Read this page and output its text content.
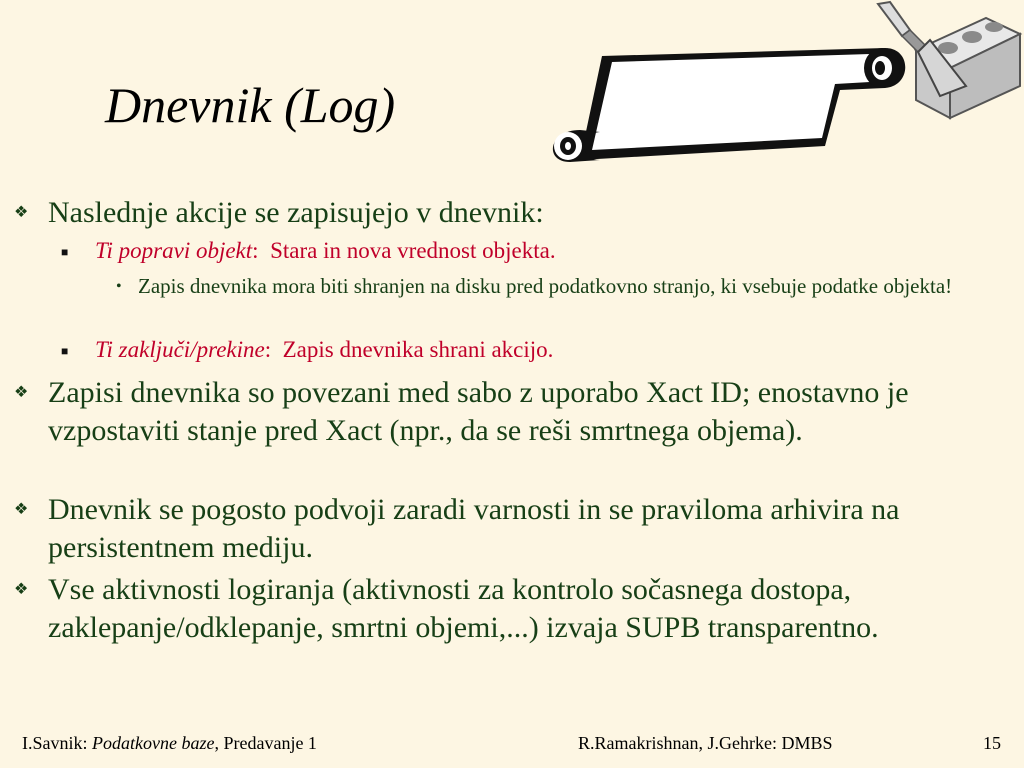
Dnevnik (Log)
❖ Naslednje akcije se zapisujejo v dnevnik:
■ Ti popravi objekt: Stara in nova vrednost objekta.
• Zapis dnevnika mora biti shranjen na disku pred podatkovno stranjo, ki vsebuje podatke objekta!
■ Ti zaključi/prekine: Zapis dnevnika shrani akcijo.
❖ Zapisi dnevnika so povezani med sabo z uporabo Xact ID; enostavno je vzpostaviti stanje pred Xact (npr., da se reši smrtnega objema).
❖ Dnevnik se pogosto podvoji zaradi varnosti in se praviloma arhivira na persistentnem mediju.
❖ Vse aktivnosti logiranja (aktivnosti za kontrolo sočasnega dostopa, zaklepanje/odklepanje, smrtni objemi,...) izvaja SUPB transparentno.
I.Savnik: Podatkovne baze, Predavanje 1	R.Ramakrishnan, J.Gehrke: DMBS	15
